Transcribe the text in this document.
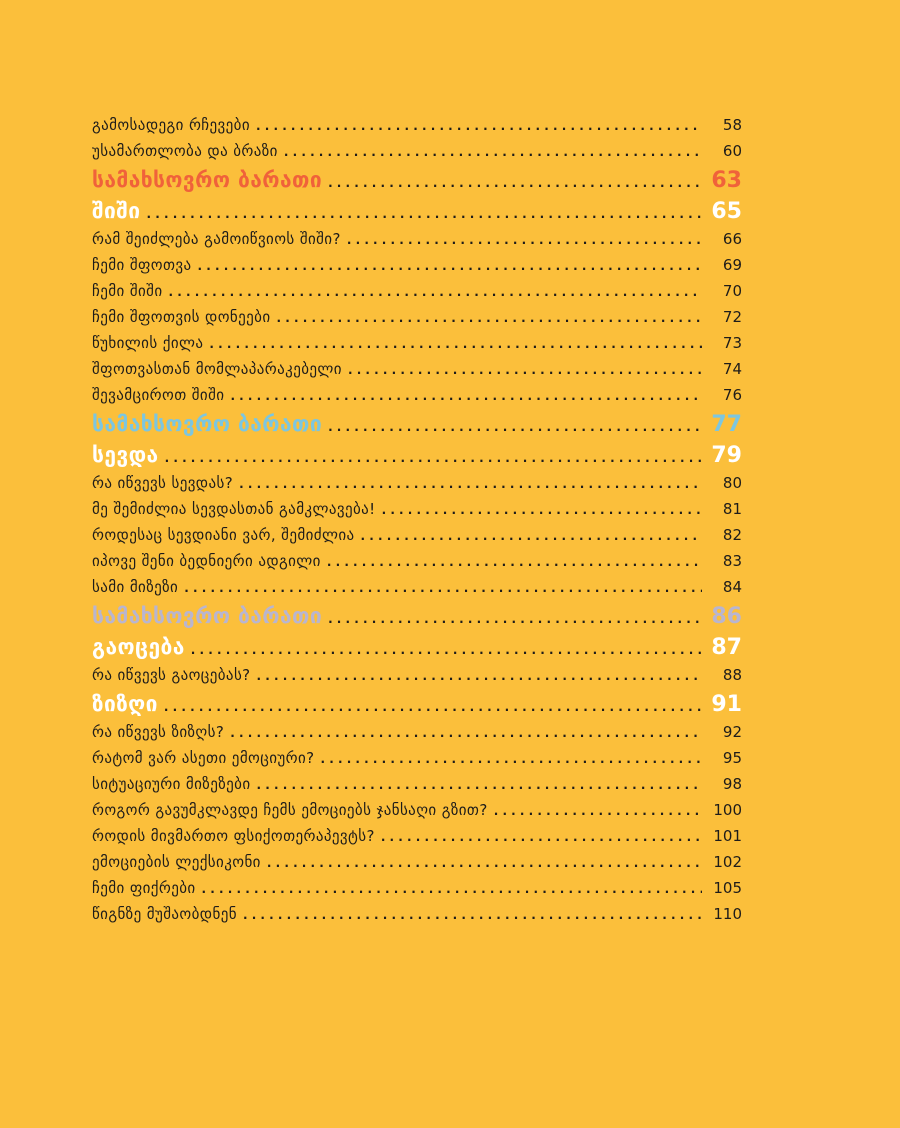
გამოსადეგი რჩევები . . .	58
უსამართლობა და ბრაზი . . .	60
სამახსოვრო ბარათი . . .	63
შიში . . .	65
რამ შეიძლება გამოიწვიოს შიში? . . .	66
ჩემი შფოთვა . . .	69
ჩემი შიში . . .	70
ჩემი შფოთვის დონეები . . .	72
წუხილის ქილა . . .	73
შფოთვასთან მომლაპარაკებელი . . .	74
შევამციროთ შიში . . .	76
სამახსოვრო ბარათი . . .	77
სევდა . . .	79
რა იწვევს სევდას? . . .	80
მე შემიძლია სევდასთან გამკლავება! . . .	81
როდესაც სევდიანი ვარ, შემიძლია . . .	82
იპოვე შენი ბედნიერი ადგილი . . .	83
სამი მიზეზი . . .	84
სამახსოვრო ბარათი . . .	86
გაოცება . . .	87
რა იწვევს გაოცებას? . . .	88
ზიზღი . . .	91
რა იწვევს ზიზღს? . . .	92
რატომ ვარ ასეთი ემოციური? . . .	95
სიტუაციური მიზეზები . . .	98
როგორ გავუმკლავდე ჩემს ემოციებს ჯანსაღი გზით? . . .	100
როდის მივმართო ფსიქოთერაპევტს? . . .	101
ემოციების ლექსიკონი . . .	102
ჩემი ფიქრები . . .	105
წიგნზე მუშაობდნენ . . .	110
